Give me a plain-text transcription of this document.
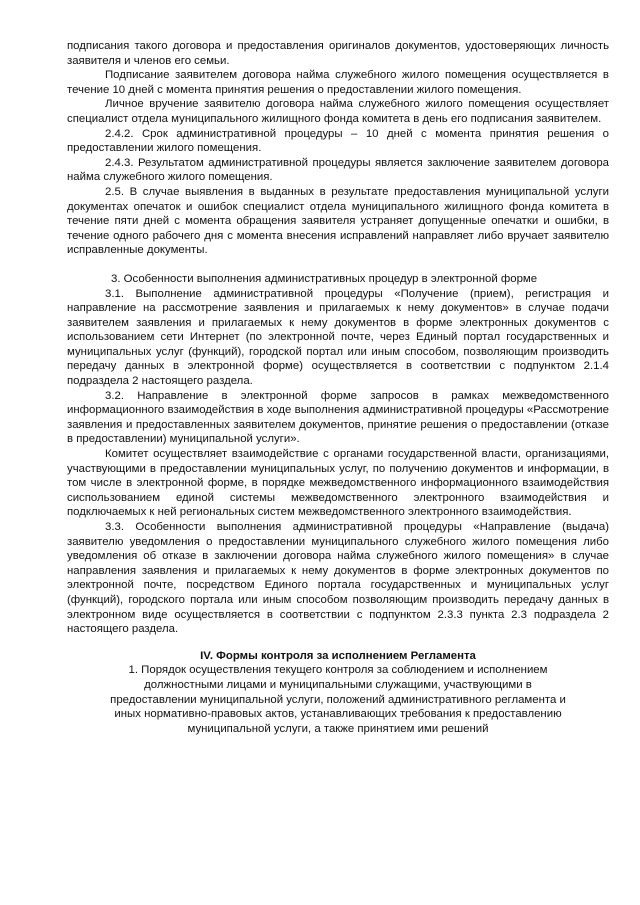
подписания такого договора и предоставления оригиналов документов, удостоверяющих личность заявителя и членов его семьи.

Подписание заявителем договора найма служебного жилого помещения осуществляется в течение 10 дней с момента принятия решения о предоставлении жилого помещения.

Личное вручение заявителю договора найма служебного жилого помещения осуществляет специалист отдела муниципального жилищного фонда комитета в день его подписания заявителем.

2.4.2. Срок административной процедуры – 10 дней с момента принятия решения о предоставлении жилого помещения.

2.4.3. Результатом административной процедуры является заключение заявителем договора найма служебного жилого помещения.

2.5. В случае выявления в выданных в результате предоставления муниципальной услуги документах опечаток и ошибок специалист отдела муниципального жилищного фонда комитета в течение пяти дней с момента обращения заявителя устраняет допущенные опечатки и ошибки, в течение одного рабочего дня с момента внесения исправлений направляет либо вручает заявителю исправленные документы.

3. Особенности выполнения административных процедур в электронной форме

3.1. Выполнение административной процедуры «Получение (прием), регистрация и направление на рассмотрение заявления и прилагаемых к нему документов» в случае подачи заявителем заявления и прилагаемых к нему документов в форме электронных документов с использованием сети Интернет (по электронной почте, через Единый портал государственных и муниципальных услуг (функций), городской портал или иным способом, позволяющим производить передачу данных в электронной форме) осуществляется в соответствии с подпунктом 2.1.4 подраздела 2 настоящего раздела.

3.2. Направление в электронной форме запросов в рамках межведомственного информационного взаимодействия в ходе выполнения административной процедуры «Рассмотрение заявления и предоставленных заявителем документов, принятие решения о предоставлении (отказе в предоставлении) муниципальной услуги».

Комитет осуществляет взаимодействие с органами государственной власти, организациями, участвующими в предоставлении муниципальных услуг, по получению документов и информации, в том числе в электронной форме, в порядке межведомственного информационного взаимодействия сиспользованием единой системы межведомственного электронного взаимодействия и подключаемых к ней региональных систем межведомственного электронного взаимодействия.

3.3. Особенности выполнения административной процедуры «Направление (выдача) заявителю уведомления о предоставлении муниципального служебного жилого помещения либо уведомления об отказе в заключении договора найма служебного жилого помещения» в случае направления заявления и прилагаемых к нему документов в форме электронных документов по электронной почте, посредством Единого портала государственных и муниципальных услуг (функций), городского портала или иным способом позволяющим производить передачу данных в электронном виде осуществляется в соответствии с подпунктом 2.3.3 пункта 2.3 подраздела 2 настоящего раздела.

IV. Формы контроля за исполнением Регламента

1. Порядок осуществления текущего контроля за соблюдением и исполнением
должностными лицами и муниципальными служащими, участвующими в
предоставлении муниципальной услуги, положений административного регламента и
иных нормативно-правовых актов, устанавливающих требования к предоставлению
муниципальной услуги, а также принятием ими решений
